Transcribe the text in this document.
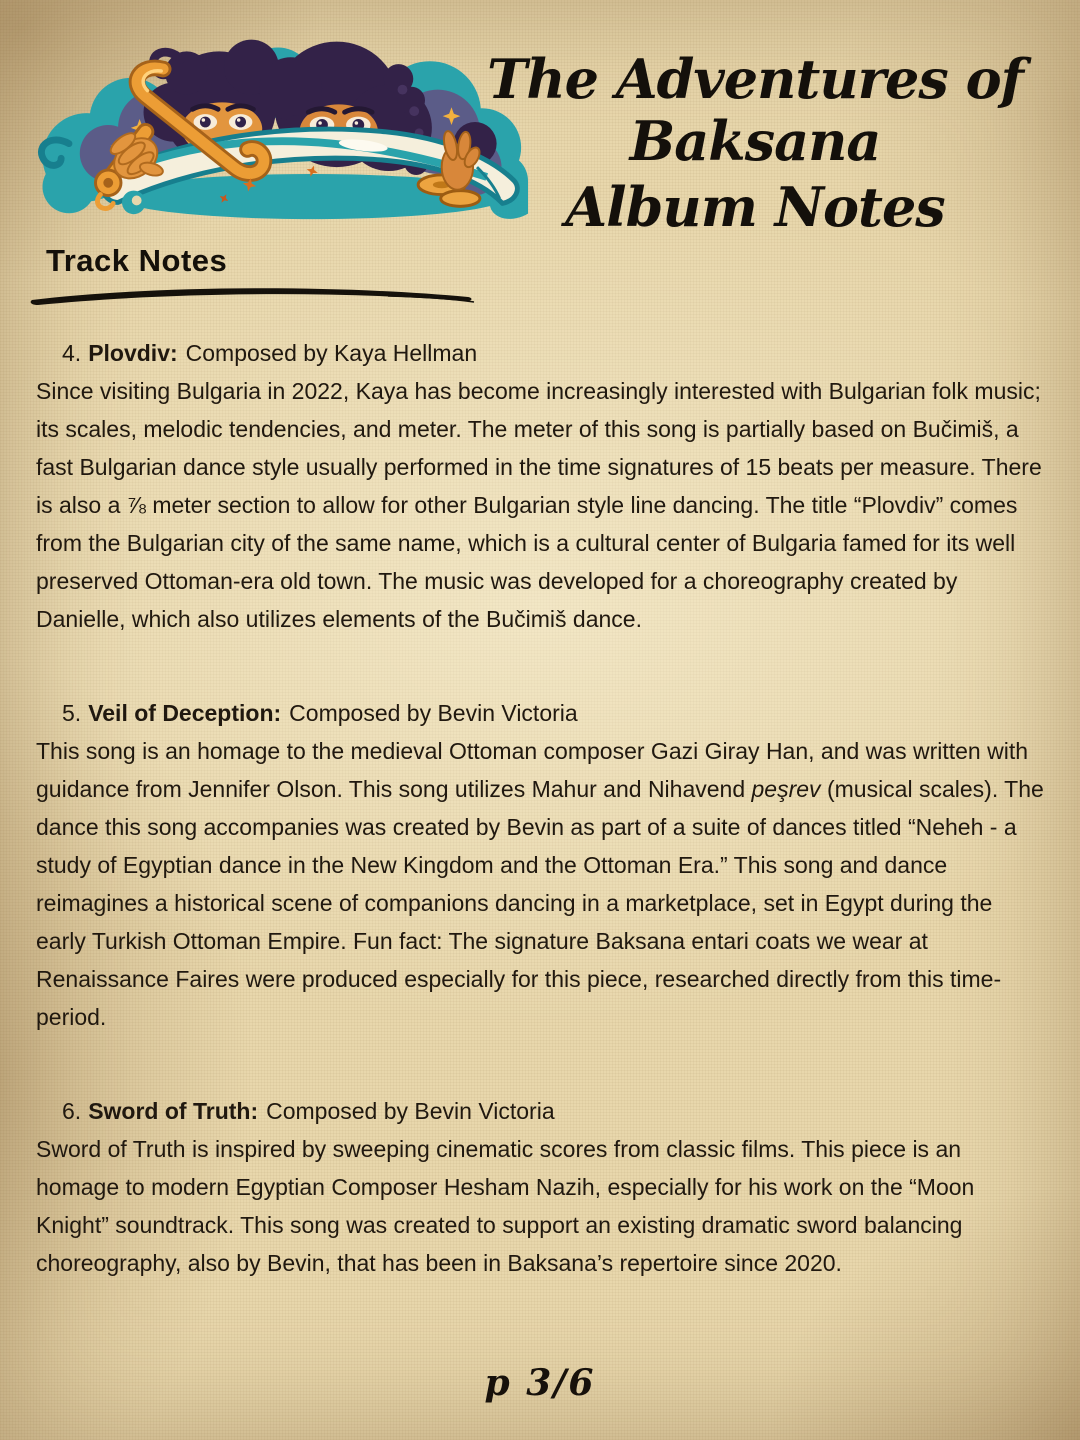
The Adventures of Baksana
Album Notes
Track Notes

4. Plovdiv: Composed by Kaya Hellman

Since visiting Bulgaria in 2022, Kaya has become increasingly interested with Bulgarian folk music; its scales, melodic tendencies, and meter. The meter of this song is partially based on Bučimiš, a fast Bulgarian dance style usually performed in the time signatures of 15 beats per measure. There is also a ⅞ meter section to allow for other Bulgarian style line dancing. The title “Plovdiv” comes from the Bulgarian city of the same name, which is a cultural center of Bulgaria famed for its well preserved Ottoman-era old town. The music was developed for a choreography created by Danielle, which also utilizes elements of the Bučimiš dance.

5. Veil of Deception: Composed by Bevin Victoria

This song is an homage to the medieval Ottoman composer Gazi Giray Han, and was written with guidance from Jennifer Olson. This song utilizes Mahur and Nihavend peşrev (musical scales). The dance this song accompanies was created by Bevin as part of a suite of dances titled “Neheh - a study of Egyptian dance in the New Kingdom and the Ottoman Era.” This song and dance reimagines a historical scene of companions dancing in a marketplace, set in Egypt during the early Turkish Ottoman Empire. Fun fact: The signature Baksana entari coats we wear at Renaissance Faires were produced especially for this piece, researched directly from this time-period.

6. Sword of Truth: Composed by Bevin Victoria

Sword of Truth is inspired by sweeping cinematic scores from classic films. This piece is an homage to modern Egyptian Composer Hesham Nazih, especially for his work on the “Moon Knight” soundtrack. This song was created to support an existing dramatic sword balancing choreography, also by Bevin, that has been in Baksana’s repertoire since 2020.

p 3/6
